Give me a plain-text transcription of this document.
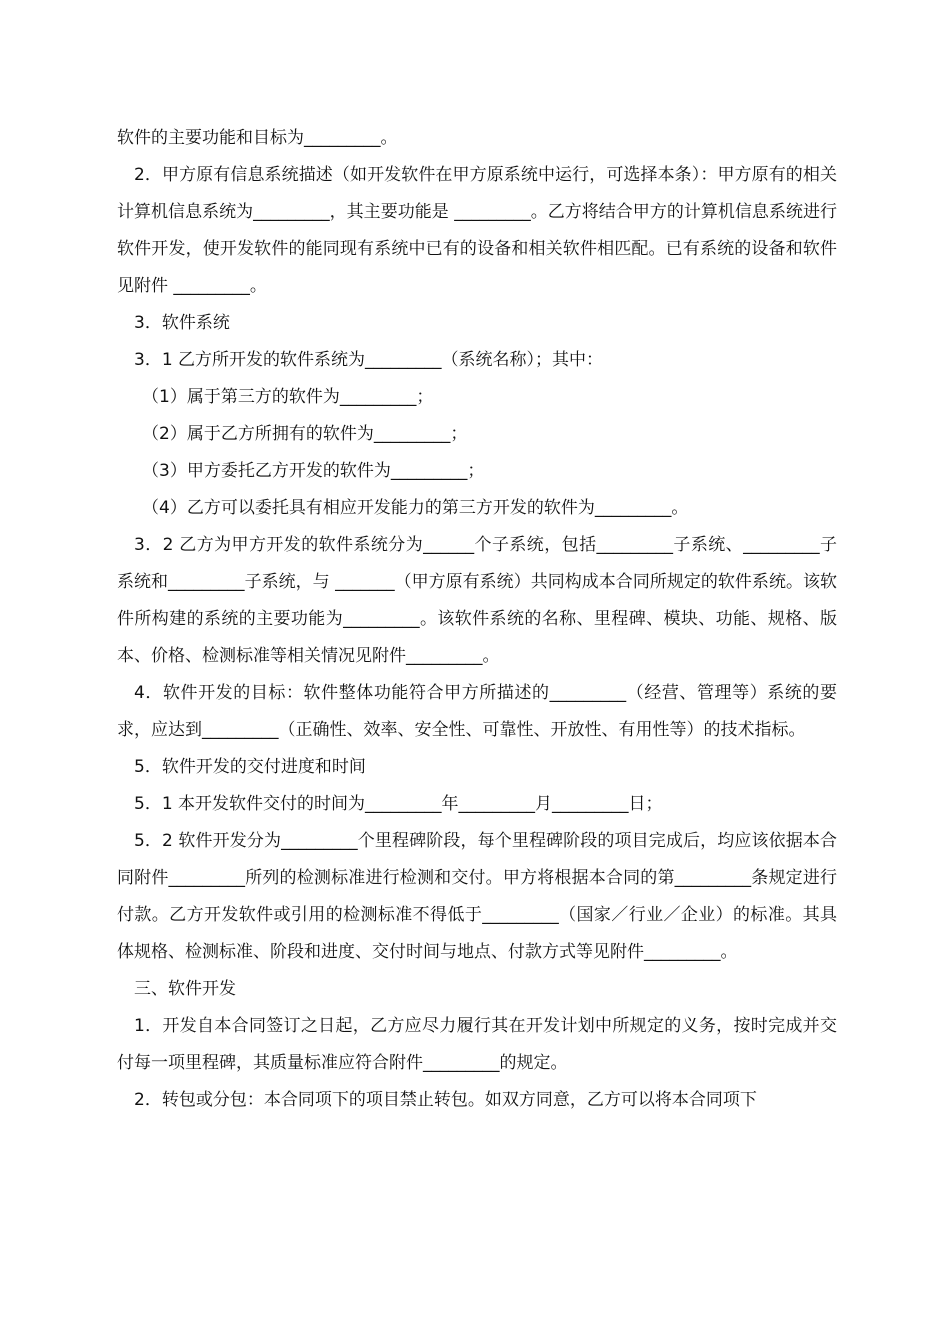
软件的主要功能和目标为_________。

2．甲方原有信息系统描述（如开发软件在甲方原系统中运行，可选择本条）：甲方原有的相关计算机信息系统为_________，其主要功能是 _________。乙方将结合甲方的计算机信息系统进行软件开发，使开发软件的能同现有系统中已有的设备和相关软件相匹配。已有系统的设备和软件见附件 _________。

3．软件系统

3．1 乙方所开发的软件系统为_________（系统名称）；其中：

（1）属于第三方的软件为_________；

（2）属于乙方所拥有的软件为_________；

（3）甲方委托乙方开发的软件为_________；

（4）乙方可以委托具有相应开发能力的第三方开发的软件为_________。

3．2 乙方为甲方开发的软件系统分为______个子系统，包括_________子系统、_________子系统和_________子系统，与 _______（甲方原有系统）共同构成本合同所规定的软件系统。该软件所构建的系统的主要功能为_________。该软件系统的名称、里程碑、模块、功能、规格、版本、价格、检测标准等相关情况见附件_________。

4．软件开发的目标：软件整体功能符合甲方所描述的_________（经营、管理等）系统的要求，应达到_________（正确性、效率、安全性、可靠性、开放性、有用性等）的技术指标。

5．软件开发的交付进度和时间

5．1 本开发软件交付的时间为_________年_________月_________日；

5．2 软件开发分为_________个里程碑阶段，每个里程碑阶段的项目完成后，均应该依据本合同附件_________所列的检测标准进行检测和交付。甲方将根据本合同的第_________条规定进行付款。乙方开发软件或引用的检测标准不得低于_________（国家／行业／企业）的标准。其具体规格、检测标准、阶段和进度、交付时间与地点、付款方式等见附件_________。

三、软件开发

1．开发自本合同签订之日起，乙方应尽力履行其在开发计划中所规定的义务，按时完成并交付每一项里程碑，其质量标准应符合附件_________的规定。

2．转包或分包：本合同项下的项目禁止转包。如双方同意，乙方可以将本合同项下
